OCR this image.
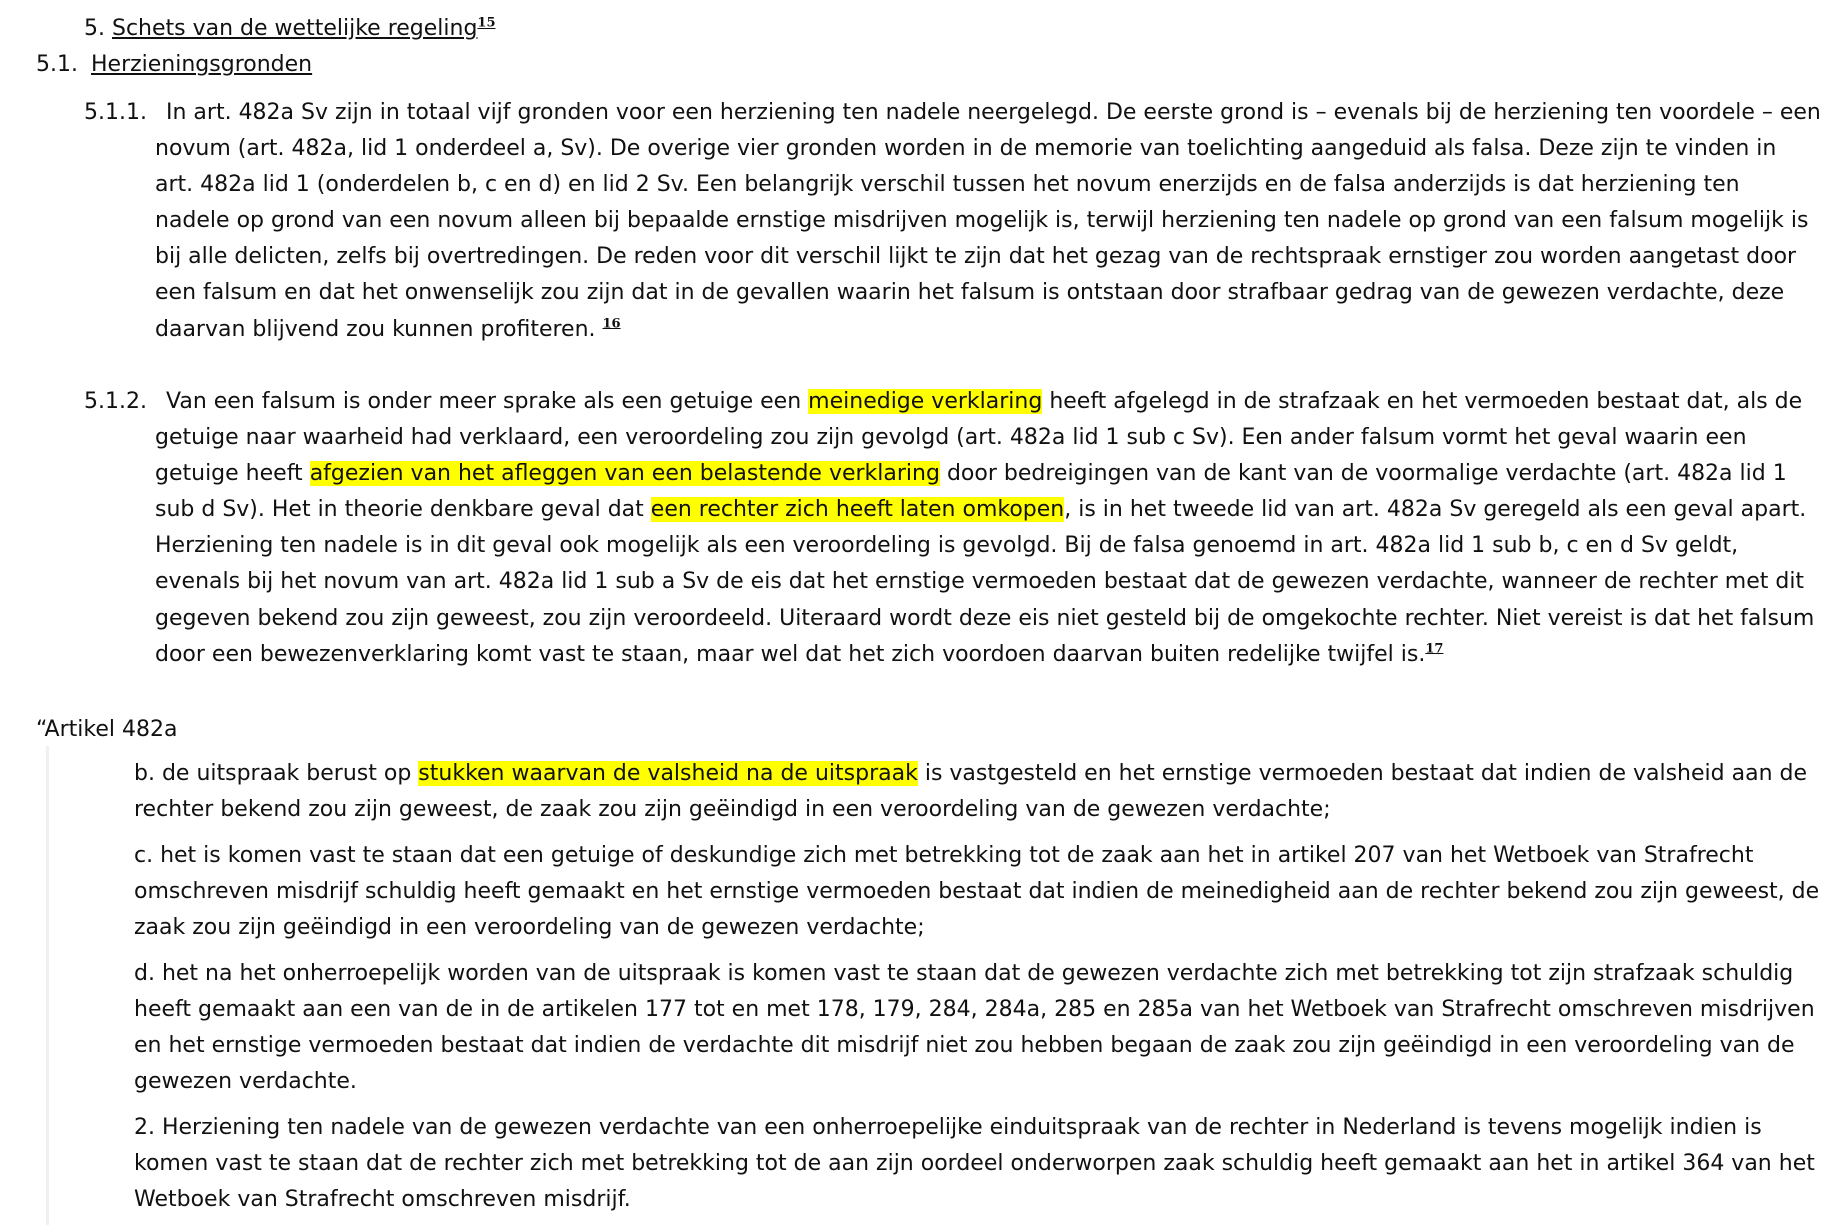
5. Schets van de wettelijke regeling$^{15}$
5.1. Herzieningsgronden
5.1.1. In art. 482a Sv zijn in totaal vijf gronden voor een herziening ten nadele neergelegd. De eerste grond is – evenals bij de herziening ten voordele – een novum (art. 482a, lid 1 onderdeel a, Sv). De overige vier gronden worden in de memorie van toelichting aangeduid als falsa. Deze zijn te vinden in art. 482a lid 1 (onderdelen b, c en d) en lid 2 Sv. Een belangrijk verschil tussen het novum enerzijds en de falsa anderzijds is dat herziening ten nadele op grond van een novum alleen bij bepaalde ernstige misdrijven mogelijk is, terwijl herziening ten nadele op grond van een falsum mogelijk is bij alle delicten, zelfs bij overtredingen. De reden voor dit verschil lijkt te zijn dat het gezag van de rechtspraak ernstiger zou worden aangetast door een falsum en dat het onwenselijk zou zijn dat in de gevallen waarin het falsum is ontstaan door strafbaar gedrag van de gewezen verdachte, deze daarvan blijvend zou kunnen profiteren. $^{16}$
5.1.2. Van een falsum is onder meer sprake als een getuige een meinedige verklaring heeft afgelegd in de strafzaak en het vermoeden bestaat dat, als de getuige naar waarheid had verklaard, een veroordeling zou zijn gevolgd (art. 482a lid 1 sub c Sv). Een ander falsum vormt het geval waarin een getuige heeft afgezien van het afleggen van een belastende verklaring door bedreigingen van de kant van de voormalige verdachte (art. 482a lid 1 sub d Sv). Het in theorie denkbare geval dat een rechter zich heeft laten omkopen, is in het tweede lid van art. 482a Sv geregeld als een geval apart. Herziening ten nadele is in dit geval ook mogelijk als een veroordeling is gevolgd. Bij de falsa genoemd in art. 482a lid 1 sub b, c en d Sv geldt, evenals bij het novum van art. 482a lid 1 sub a Sv de eis dat het ernstige vermoeden bestaat dat de gewezen verdachte, wanneer de rechter met dit gegeven bekend zou zijn geweest, zou zijn veroordeeld. Uiteraard wordt deze eis niet gesteld bij de omgekochte rechter. Niet vereist is dat het falsum door een bewezenverklaring komt vast te staan, maar wel dat het zich voordoen daarvan buiten redelijke twijfel is.$^{17}$
“Artikel 482a
b. de uitspraak berust op stukken waarvan de valsheid na de uitspraak is vastgesteld en het ernstige vermoeden bestaat dat indien de valsheid aan de rechter bekend zou zijn geweest, de zaak zou zijn geëindigd in een veroordeling van de gewezen verdachte;
c. het is komen vast te staan dat een getuige of deskundige zich met betrekking tot de zaak aan het in artikel 207 van het Wetboek van Strafrecht omschreven misdrijf schuldig heeft gemaakt en het ernstige vermoeden bestaat dat indien de meinedigheid aan de rechter bekend zou zijn geweest, de zaak zou zijn geëindigd in een veroordeling van de gewezen verdachte;
d. het na het onherroepelijk worden van de uitspraak is komen vast te staan dat de gewezen verdachte zich met betrekking tot zijn strafzaak schuldig heeft gemaakt aan een van de in de artikelen 177 tot en met 178, 179, 284, 284a, 285 en 285a van het Wetboek van Strafrecht omschreven misdrijven en het ernstige vermoeden bestaat dat indien de verdachte dit misdrijf niet zou hebben begaan de zaak zou zijn geëindigd in een veroordeling van de gewezen verdachte.
2. Herziening ten nadele van de gewezen verdachte van een onherroepelijke einduitspraak van de rechter in Nederland is tevens mogelijk indien is komen vast te staan dat de rechter zich met betrekking tot de aan zijn oordeel onderworpen zaak schuldig heeft gemaakt aan het in artikel 364 van het Wetboek van Strafrecht omschreven misdrijf.
